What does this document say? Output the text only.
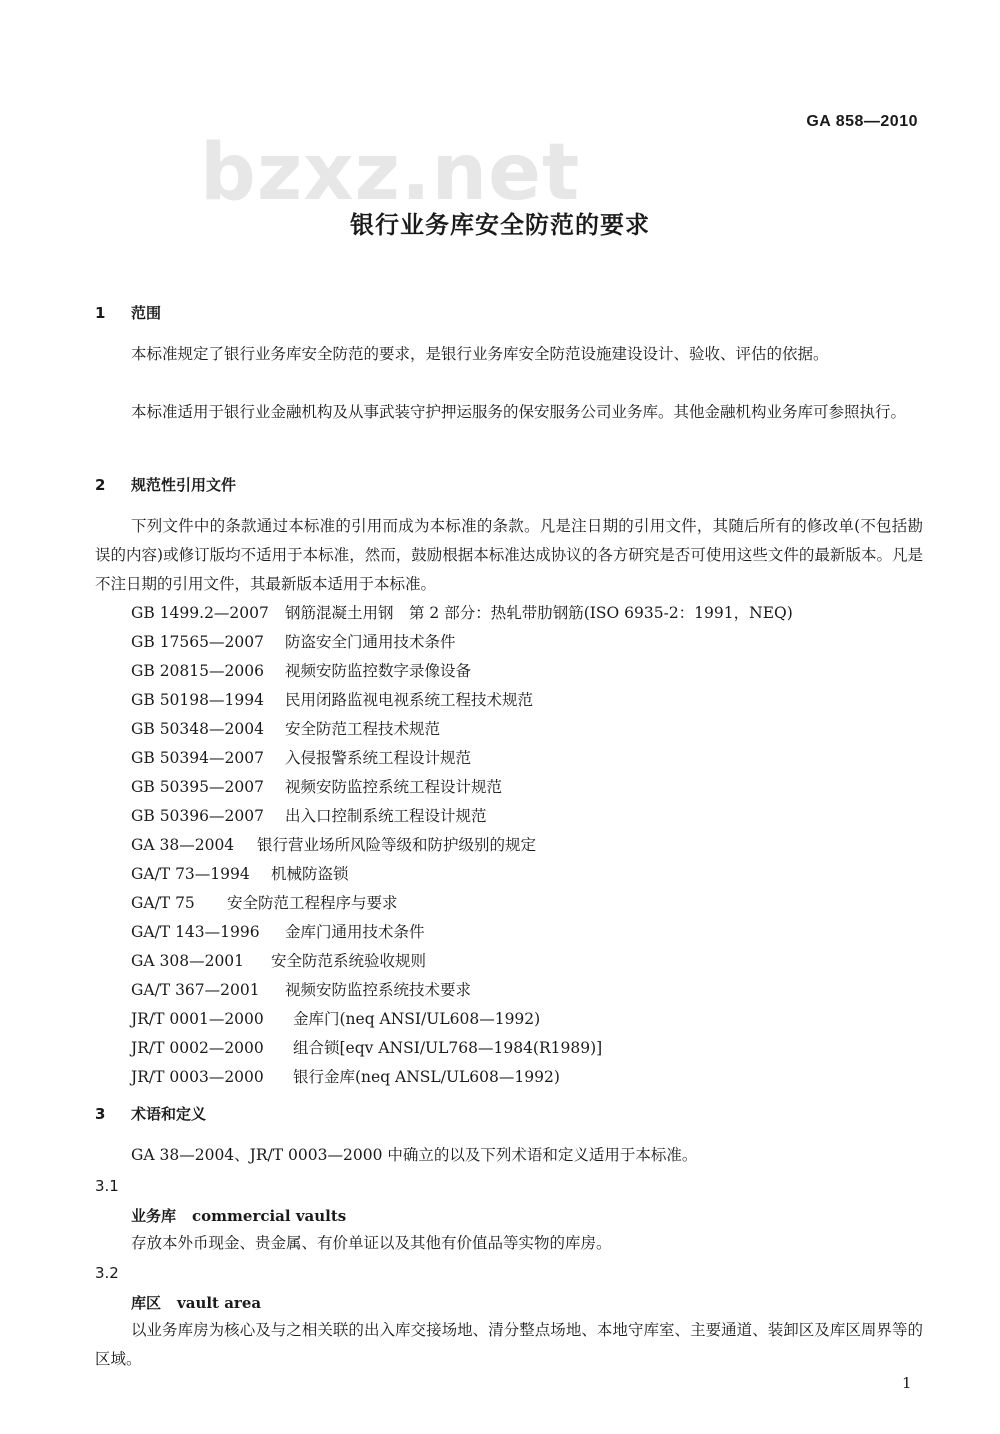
GA 858—2010
bzxz.net
银行业务库安全防范的要求
1 范围
本标准规定了银行业务库安全防范的要求，是银行业务库安全防范设施建设设计、验收、评估的依据。
本标准适用于银行业金融机构及从事武装守护押运服务的保安服务公司业务库。其他金融机构业务库可参照执行。
2 规范性引用文件
下列文件中的条款通过本标准的引用而成为本标准的条款。凡是注日期的引用文件，其随后所有的修改单(不包括勘误的内容)或修订版均不适用于本标准，然而，鼓励根据本标准达成协议的各方研究是否可使用这些文件的最新版本。凡是不注日期的引用文件，其最新版本适用于本标准。
GB 1499.2—2007 钢筋混凝土用钢　第 2 部分：热轧带肋钢筋(ISO 6935-2：1991，NEQ)
GB 17565—2007 防盗安全门通用技术条件
GB 20815—2006 视频安防监控数字录像设备
GB 50198—1994 民用闭路监视电视系统工程技术规范
GB 50348—2004 安全防范工程技术规范
GB 50394—2007 入侵报警系统工程设计规范
GB 50395—2007 视频安防监控系统工程设计规范
GB 50396—2007 出入口控制系统工程设计规范
GA 38—2004 银行营业场所风险等级和防护级别的规定
GA/T 73—1994 机械防盗锁
GA/T 75 安全防范工程程序与要求
GA/T 143—1996 金库门通用技术条件
GA 308—2001 安全防范系统验收规则
GA/T 367—2001 视频安防监控系统技术要求
JR/T 0001—2000 金库门(neq ANSI/UL608—1992)
JR/T 0002—2000 组合锁[eqv ANSI/UL768—1984(R1989)]
JR/T 0003—2000 银行金库(neq ANSL/UL608—1992)
3 术语和定义
GA 38—2004、JR/T 0003—2000 中确立的以及下列术语和定义适用于本标准。
3.1
业务库 commercial vaults
存放本外币现金、贵金属、有价单证以及其他有价值品等实物的库房。
3.2
库区 vault area
以业务库房为核心及与之相关联的出入库交接场地、清分整点场地、本地守库室、主要通道、装卸区及库区周界等的区域。
1
